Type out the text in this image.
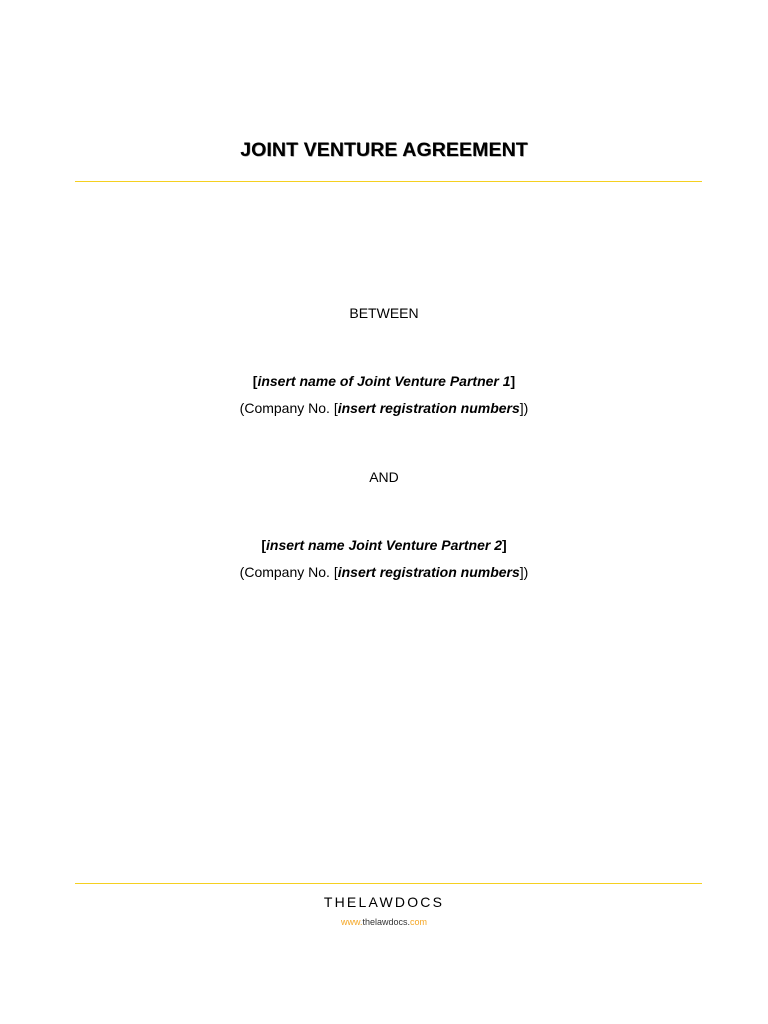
JOINT VENTURE AGREEMENT
BETWEEN
[insert name of Joint Venture Partner 1]
(Company No. [insert registration numbers])
AND
[insert name Joint Venture Partner 2]
(Company No. [insert registration numbers])
THELAWDOCS
www.thelawdocs.com
